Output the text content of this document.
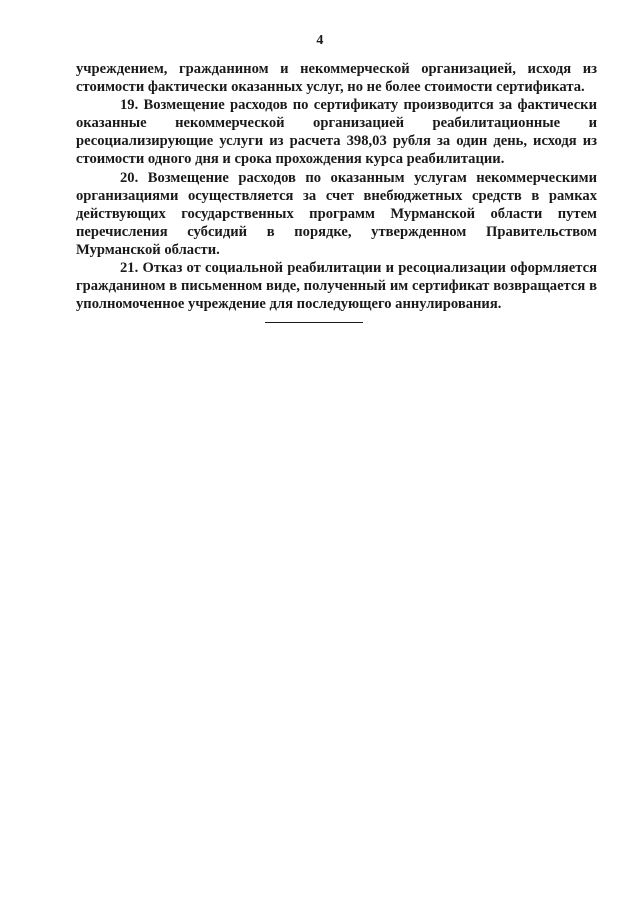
4

учреждением, гражданином и некоммерческой организацией, исходя из стоимости фактически оказанных услуг, но не более стоимости сертификата.

19. Возмещение расходов по сертификату производится за фактически оказанные некоммерческой организацией реабилитационные и ресоциализирующие услуги из расчета 398,03 рубля за один день, исходя из стоимости одного дня и срока прохождения курса реабилитации.

20. Возмещение расходов по оказанным услугам некоммерческими организациями осуществляется за счет внебюджетных средств в рамках действующих государственных программ Мурманской области путем перечисления субсидий в порядке, утвержденном Правительством Мурманской области.

21. Отказ от социальной реабилитации и ресоциализации оформляется гражданином в письменном виде, полученный им сертификат возвращается в уполномоченное учреждение для последующего аннулирования.
